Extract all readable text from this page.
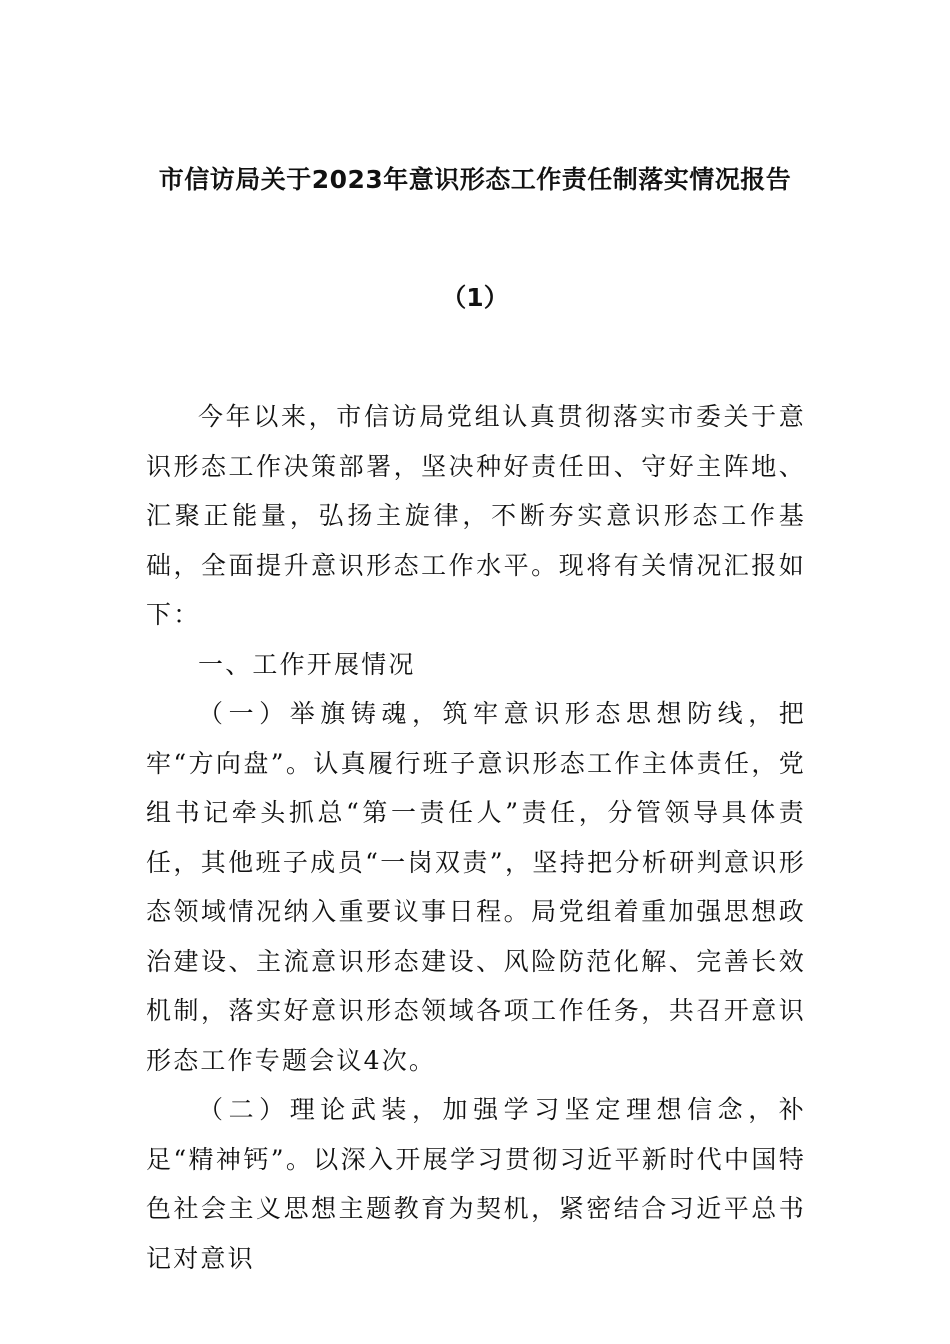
市信访局关于2023年意识形态工作责任制落实情况报告
（1）

今年以来，市信访局党组认真贯彻落实市委关于意识形态工作决策部署，坚决种好责任田、守好主阵地、汇聚正能量，弘扬主旋律，不断夯实意识形态工作基础，全面提升意识形态工作水平。现将有关情况汇报如下：

一、工作开展情况

（一）举旗铸魂，筑牢意识形态思想防线，把牢“方向盘”。认真履行班子意识形态工作主体责任，党组书记牵头抓总“第一责任人”责任，分管领导具体责任，其他班子成员“一岗双责”，坚持把分析研判意识形态领域情况纳入重要议事日程。局党组着重加强思想政治建设、主流意识形态建设、风险防范化解、完善长效机制，落实好意识形态领域各项工作任务，共召开意识形态工作专题会议4次。

（二）理论武装，加强学习坚定理想信念，补足“精神钙”。以深入开展学习贯彻习近平新时代中国特色社会主义思想主题教育为契机，紧密结合习近平总书记对意识
